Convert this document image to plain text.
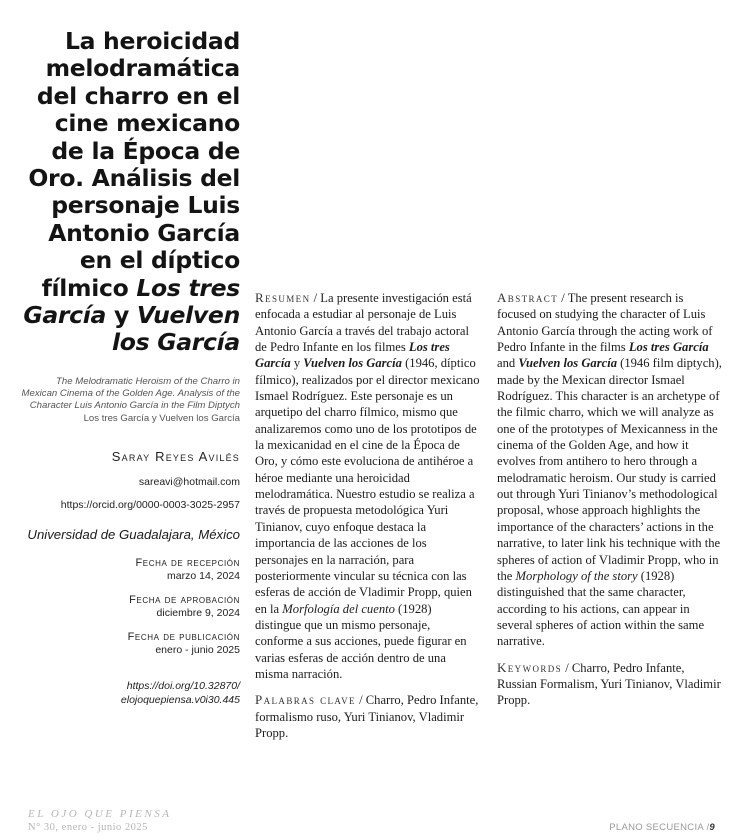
La heroicidad melodramática del charro en el cine mexicano de la Época de Oro. Análisis del personaje Luis Antonio García en el díptico fílmico Los tres García y Vuelven los García
The Melodramatic Heroism of the Charro in Mexican Cinema of the Golden Age. Analysis of the Character Luis Antonio García in the Film Diptych Los tres García y Vuelven los García
Saray Reyes Avilés
sareavi@hotmail.com
https://orcid.org/0000-0003-3025-2957
Universidad de Guadalajara, México
Fecha de recepción
marzo 14, 2024
Fecha de aprobación
diciembre 9, 2024
Fecha de publicación
enero - junio 2025
https://doi.org/10.32870/ elojoquepiensa.v0i30.445

Resumen / La presente investigación está enfocada a estudiar al personaje de Luis Antonio García a través del trabajo actoral de Pedro Infante en los filmes Los tres García y Vuelven los García (1946, díptico fílmico), realizados por el director mexicano Ismael Rodríguez. Este personaje es un arquetipo del charro fílmico, mismo que analizaremos como uno de los prototipos de la mexicanidad en el cine de la Época de Oro, y cómo este evoluciona de antihéroe a héroe mediante una heroicidad melodramática. Nuestro estudio se realiza a través de propuesta metodológica Yuri Tinianov, cuyo enfoque destaca la importancia de las acciones de los personajes en la narración, para posteriormente vincular su técnica con las esferas de acción de Vladimir Propp, quien en la Morfología del cuento (1928) distingue que un mismo personaje, conforme a sus acciones, puede figurar en varias esferas de acción dentro de una misma narración.

Palabras clave / Charro, Pedro Infante, formalismo ruso, Yuri Tinianov, Vladimir Propp.

Abstract / The present research is focused on studying the character of Luis Antonio García through the acting work of Pedro Infante in the films Los tres García and Vuelven los García (1946 film diptych), made by the Mexican director Ismael Rodríguez. This character is an archetype of the filmic charro, which we will analyze as one of the prototypes of Mexicanness in the cinema of the Golden Age, and how it evolves from antihero to hero through a melodramatic heroism. Our study is carried out through Yuri Tinianov’s methodological proposal, whose approach highlights the importance of the characters’ actions in the narrative, to later link his technique with the spheres of action of Vladimir Propp, who in the Morphology of the story (1928) distinguished that the same character, according to his actions, can appear in several spheres of action within the same narrative.

Keywords / Charro, Pedro Infante, Russian Formalism, Yuri Tinianov, Vladimir Propp.

EL OJO QUE PIENSA
N° 30, enero - junio 2025	PLANO SECUENCIA /9
